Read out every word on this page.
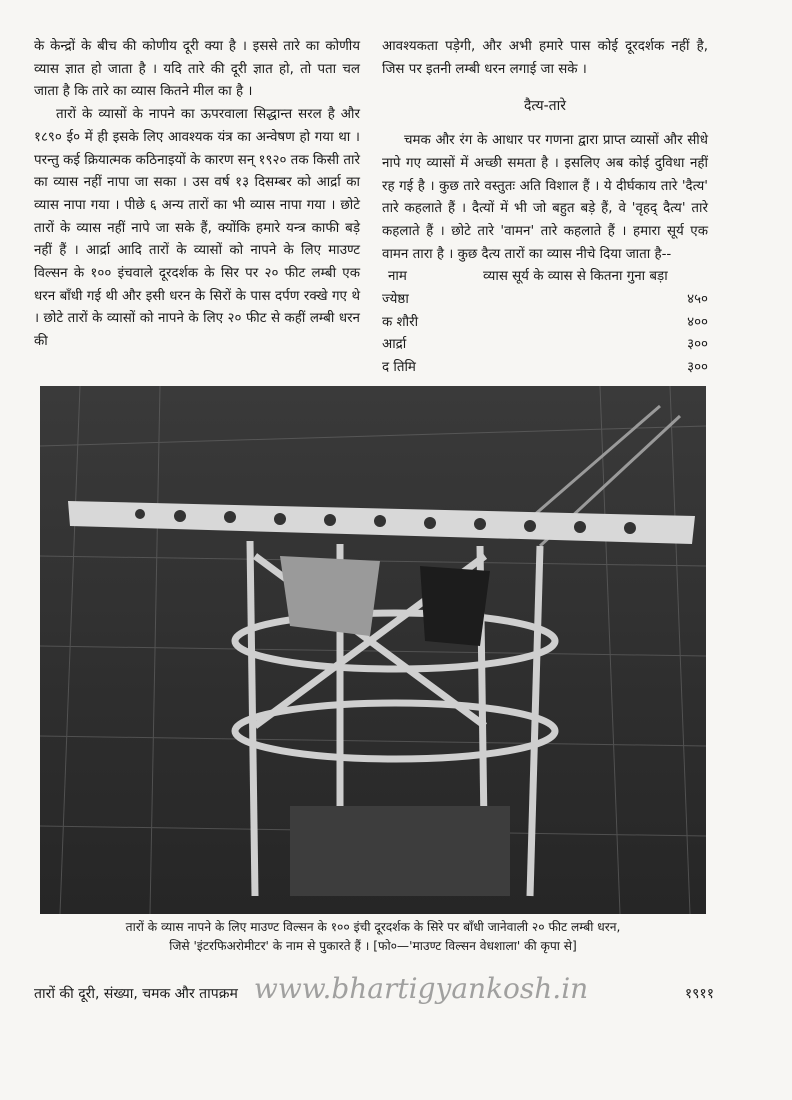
के केन्द्रों के बीच की कोणीय दूरी क्या है । इससे तारे का कोणीय व्यास ज्ञात हो जाता है । यदि तारे की दूरी ज्ञात हो, तो पता चल जाता है कि तारे का व्यास कितने मील का है ।

तारों के व्यासों के नापने का ऊपरवाला सिद्धान्त सरल है और १८९० ई० में ही इसके लिए आवश्यक यंत्र का अन्वेषण हो गया था । परन्तु कई क्रियात्मक कठिनाइयों के कारण सन् १९२० तक किसी तारे का व्यास नहीं नापा जा सका । उस वर्ष १३ दिसम्बर को आर्द्रा का व्यास नापा गया । पीछे ६ अन्य तारों का भी व्यास नापा गया । छोटे तारों के व्यास नहीं नापे जा सके हैं, क्योंकि हमारे यन्त्र काफी बड़े नहीं हैं । आर्द्रा आदि तारों के व्यासों को नापने के लिए माउण्ट विल्सन के १०० इंचवाले दूरदर्शक के सिर पर २० फीट लम्बी एक धरन बाँधी गई थी और इसी धरन के सिरों के पास दर्पण रक्खे गए थे । छोटे तारों के व्यासों को नापने के लिए २० फीट से कहीं लम्बी धरन की

आवश्यकता पड़ेगी, और अभी हमारे पास कोई दूरदर्शक नहीं है, जिस पर इतनी लम्बी धरन लगाई जा सके ।

दैत्य-तारे

चमक और रंग के आधार पर गणना द्वारा प्राप्त व्यासों और सीधे नापे गए व्यासों में अच्छी समता है । इसलिए अब कोई दुविधा नहीं रह गई है । कुछ तारे वस्तुतः अति विशाल हैं । ये दीर्घकाय तारे 'दैत्य' तारे कहलाते हैं । दैत्यों में भी जो बहुत बड़े हैं, वे 'वृहद् दैत्य' तारे कहलाते हैं । छोटे तारे 'वामन' तारे कहलाते हैं । हमारा सूर्य एक वामन तारा है । कुछ दैत्य तारों का व्यास नीचे दिया जाता है--

नाम	व्यास सूर्य के व्यास से कितना गुना बड़ा
ज्येष्ठा	४५०
क शौरी	४००
आर्द्रा	३००
द तिमि	३००
तारों के व्यास नापने के लिए माउण्ट विल्सन के १०० इंची दूरदर्शक के सिरे पर बाँधी जानेवाली २० फीट लम्बी धरन,
जिसे 'इंटरफिअरोमीटर' के नाम से पुकारते हैं । [फो०—'माउण्ट विल्सन वेधशाला' की कृपा से]
तारों की दूरी, संख्या, चमक और तापक्रम www.bhartigyankosh.in	१९११
